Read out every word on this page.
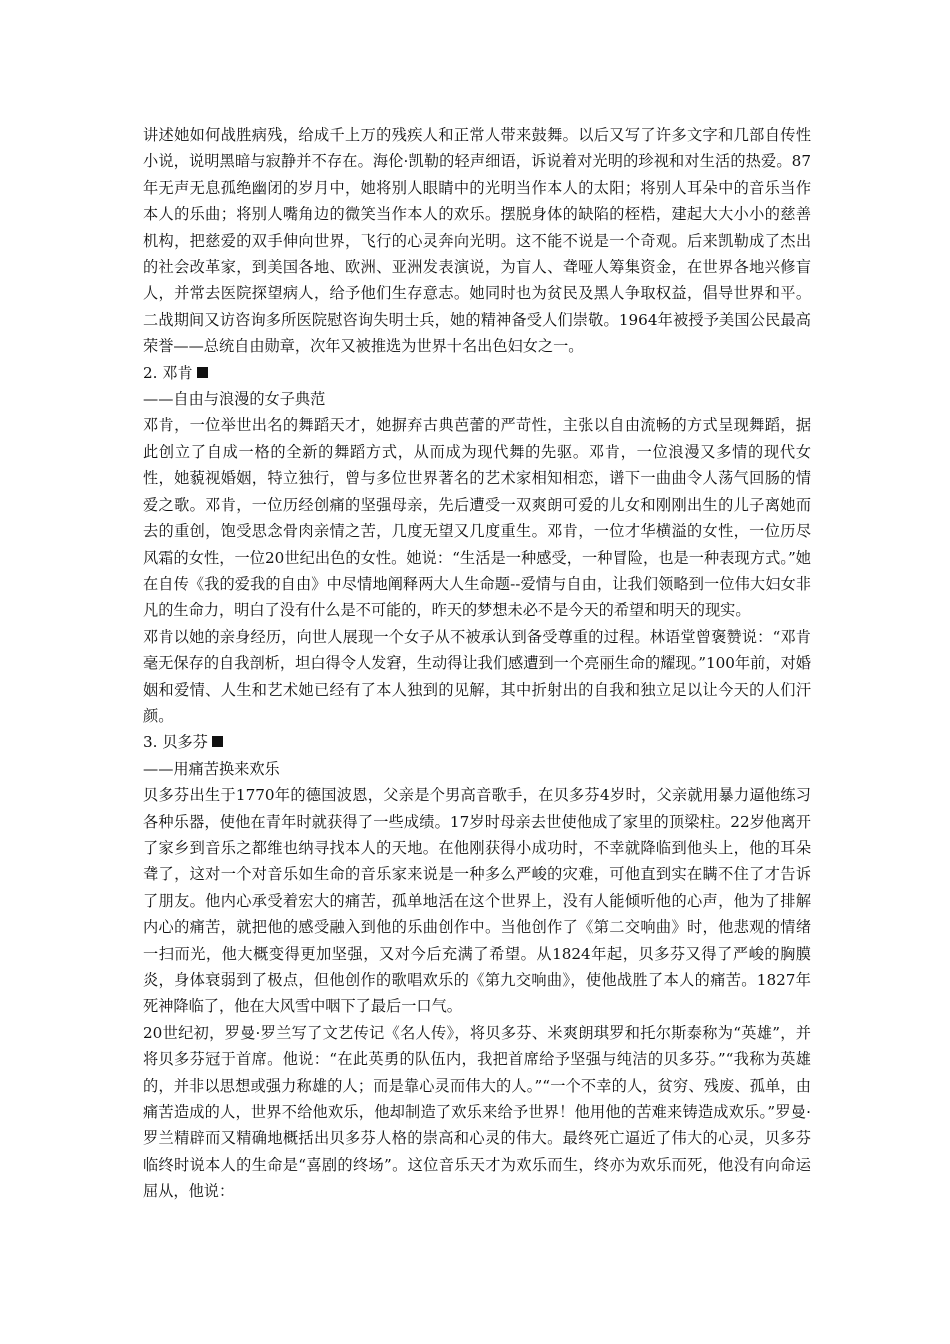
讲述她如何战胜病残，给成千上万的残疾人和正常人带来鼓舞。以后又写了许多文字和几部自传性小说，说明黑暗与寂静并不存在。海伦·凯勒的轻声细语，诉说着对光明的珍视和对生活的热爱。87年无声无息孤绝幽闭的岁月中，她将别人眼睛中的光明当作本人的太阳；将别人耳朵中的音乐当作本人的乐曲；将别人嘴角边的微笑当作本人的欢乐。摆脱身体的缺陷的桎梏，建起大大小小的慈善机构，把慈爱的双手伸向世界，飞行的心灵奔向光明。这不能不说是一个奇观。后来凯勒成了杰出的社会改革家，到美国各地、欧洲、亚洲发表演说，为盲人、聋哑人筹集资金，在世界各地兴修盲人，并常去医院探望病人，给予他们生存意志。她同时也为贫民及黑人争取权益，倡导世界和平。二战期间又访咨询多所医院慰咨询失明士兵，她的精神备受人们崇敬。1964年被授予美国公民最高荣誉——总统自由勋章，次年又被推选为世界十名出色妇女之一。

2. 邓肯

——自由与浪漫的女子典范

邓肯，一位举世出名的舞蹈天才，她摒弃古典芭蕾的严苛性，主张以自由流畅的方式呈现舞蹈，据此创立了自成一格的全新的舞蹈方式，从而成为现代舞的先驱。邓肯，一位浪漫又多情的现代女性，她藐视婚姻，特立独行，曾与多位世界著名的艺术家相知相恋，谱下一曲曲令人荡气回肠的情爱之歌。邓肯，一位历经创痛的坚强母亲，先后遭受一双爽朗可爱的儿女和刚刚出生的儿子离她而去的重创，饱受思念骨肉亲情之苦，几度无望又几度重生。邓肯，一位才华横溢的女性，一位历尽风霜的女性，一位20世纪出色的女性。她说：“生活是一种感受，一种冒险，也是一种表现方式。”她在自传《我的爱我的自由》中尽情地阐释两大人生命题--爱情与自由，让我们领略到一位伟大妇女非凡的生命力，明白了没有什么是不可能的，昨天的梦想未必不是今天的希望和明天的现实。

邓肯以她的亲身经历，向世人展现一个女子从不被承认到备受尊重的过程。林语堂曾褒赞说：“邓肯毫无保存的自我剖析，坦白得令人发窘，生动得让我们感遭到一个亮丽生命的耀现。”100年前，对婚姻和爱情、人生和艺术她已经有了本人独到的见解，其中折射出的自我和独立足以让今天的人们汗颜。

3. 贝多芬

——用痛苦换来欢乐

贝多芬出生于1770年的德国波恩，父亲是个男高音歌手，在贝多芬4岁时，父亲就用暴力逼他练习各种乐器，使他在青年时就获得了一些成绩。17岁时母亲去世使他成了家里的顶梁柱。22岁他离开了家乡到音乐之都维也纳寻找本人的天地。在他刚获得小成功时，不幸就降临到他头上，他的耳朵聋了，这对一个对音乐如生命的音乐家来说是一种多么严峻的灾难，可他直到实在瞒不住了才告诉了朋友。他内心承受着宏大的痛苦，孤单地活在这个世界上，没有人能倾听他的心声，他为了排解内心的痛苦，就把他的感受融入到他的乐曲创作中。当他创作了《第二交响曲》时，他悲观的情绪一扫而光，他大概变得更加坚强，又对今后充满了希望。从1824年起，贝多芬又得了严峻的胸膜炎，身体衰弱到了极点，但他创作的歌唱欢乐的《第九交响曲》，使他战胜了本人的痛苦。1827年死神降临了，他在大风雪中咽下了最后一口气。

20世纪初，罗曼·罗兰写了文艺传记《名人传》，将贝多芬、米爽朗琪罗和托尔斯泰称为“英雄”，并将贝多芬冠于首席。他说：“在此英勇的队伍内，我把首席给予坚强与纯洁的贝多芬。”“我称为英雄的，并非以思想或强力称雄的人；而是靠心灵而伟大的人。”“一个不幸的人，贫穷、残废、孤单，由痛苦造成的人，世界不给他欢乐，他却制造了欢乐来给予世界！他用他的苦难来铸造成欢乐。”罗曼·罗兰精辟而又精确地概括出贝多芬人格的崇高和心灵的伟大。最终死亡逼近了伟大的心灵，贝多芬临终时说本人的生命是“喜剧的终场”。这位音乐天才为欢乐而生，终亦为欢乐而死，他没有向命运屈从，他说：
